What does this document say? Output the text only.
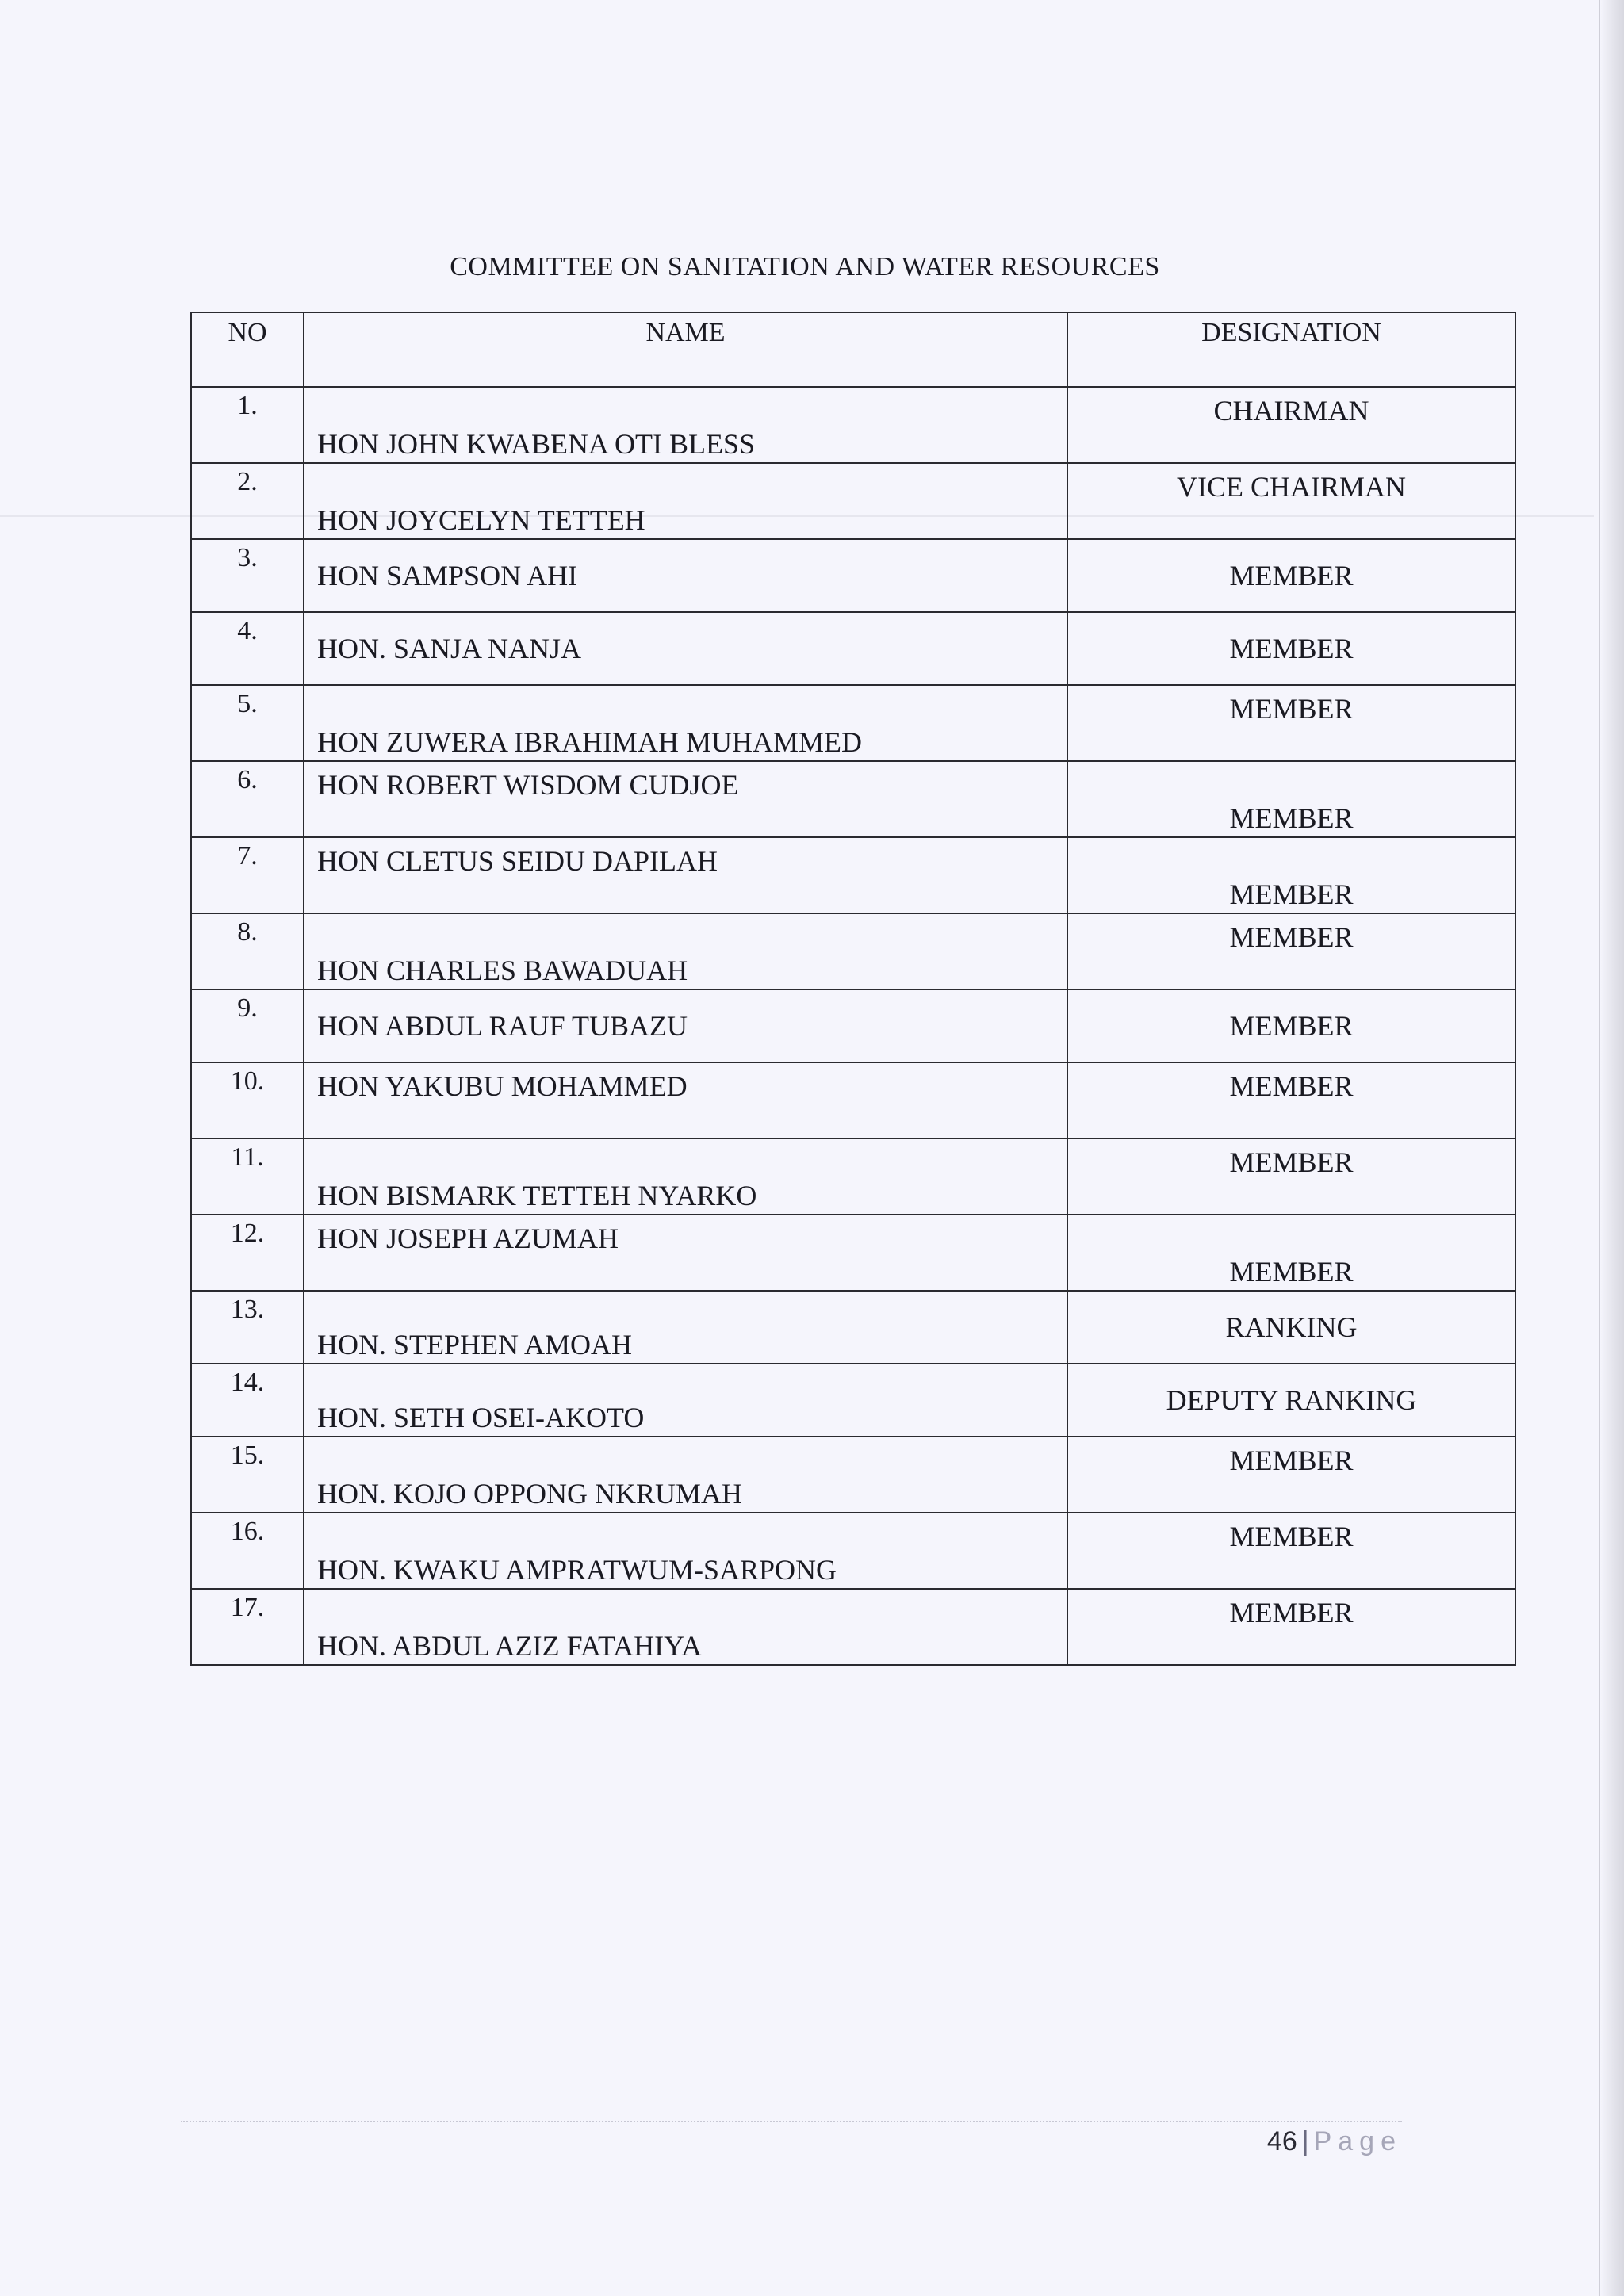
COMMITTEE ON SANITATION AND WATER RESOURCES
NO	NAME	DESIGNATION
1.	HON JOHN KWABENA OTI BLESS	CHAIRMAN
2.	HON JOYCELYN TETTEH	VICE CHAIRMAN
3.	HON SAMPSON AHI	MEMBER
4.	HON. SANJA NANJA	MEMBER
5.	HON ZUWERA IBRAHIMAH MUHAMMED	MEMBER
6.	HON ROBERT WISDOM CUDJOE	MEMBER
7.	HON CLETUS SEIDU DAPILAH	MEMBER
8.	HON CHARLES BAWADUAH	MEMBER
9.	HON ABDUL RAUF TUBAZU	MEMBER
10.	HON YAKUBU MOHAMMED	MEMBER
11.	HON BISMARK TETTEH NYARKO	MEMBER
12.	HON JOSEPH AZUMAH	MEMBER
13.	HON. STEPHEN AMOAH	RANKING
14.	HON. SETH OSEI-AKOTO	DEPUTY RANKING
15.	HON. KOJO OPPONG NKRUMAH	MEMBER
16.	HON. KWAKU AMPRATWUM-SARPONG	MEMBER
17.	HON. ABDUL AZIZ FATAHIYA	MEMBER
46 | Page
